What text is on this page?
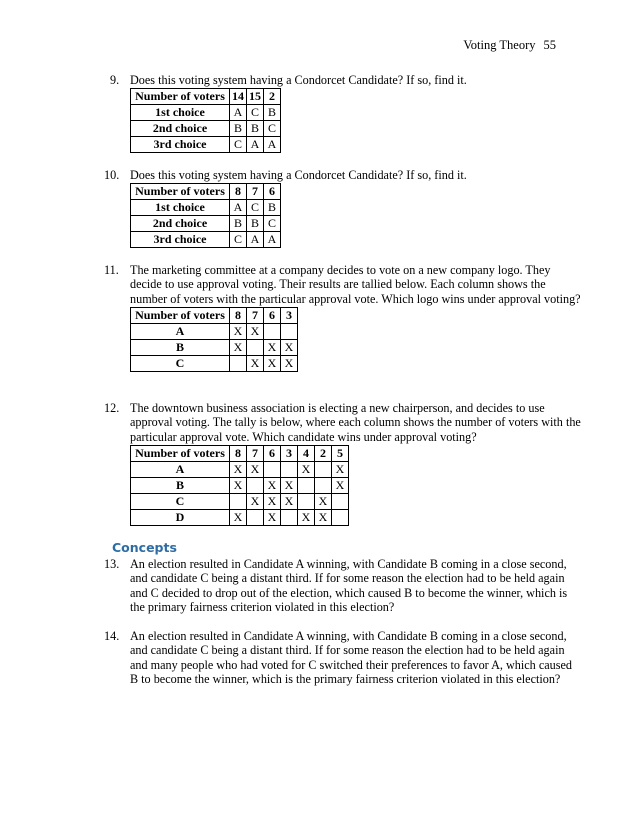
Voting Theory 55
9. Does this voting system having a Condorcet Candidate? If so, find it.
Number of voters	14	15	2
1st choice	A	C	B
2nd choice	B	B	C
3rd choice	C	A	A
10. Does this voting system having a Condorcet Candidate? If so, find it.
Number of voters	8	7	6
1st choice	A	C	B
2nd choice	B	B	C
3rd choice	C	A	A
11. The marketing committee at a company decides to vote on a new company logo. They decide to use approval voting. Their results are tallied below. Each column shows the number of voters with the particular approval vote. Which logo wins under approval voting?
Number of voters	8	7	6	3
A	X	X		
B	X		X	X
C		X	X	X
12. The downtown business association is electing a new chairperson, and decides to use approval voting. The tally is below, where each column shows the number of voters with the particular approval vote. Which candidate wins under approval voting?
Number of voters	8	7	6	3	4	2	5
A	X	X			X		X
B	X		X	X			X
C		X	X	X		X	
D	X		X		X	X	
Concepts
13. An election resulted in Candidate A winning, with Candidate B coming in a close second, and candidate C being a distant third. If for some reason the election had to be held again and C decided to drop out of the election, which caused B to become the winner, which is the primary fairness criterion violated in this election?
14. An election resulted in Candidate A winning, with Candidate B coming in a close second, and candidate C being a distant third. If for some reason the election had to be held again and many people who had voted for C switched their preferences to favor A, which caused B to become the winner, which is the primary fairness criterion violated in this election?
